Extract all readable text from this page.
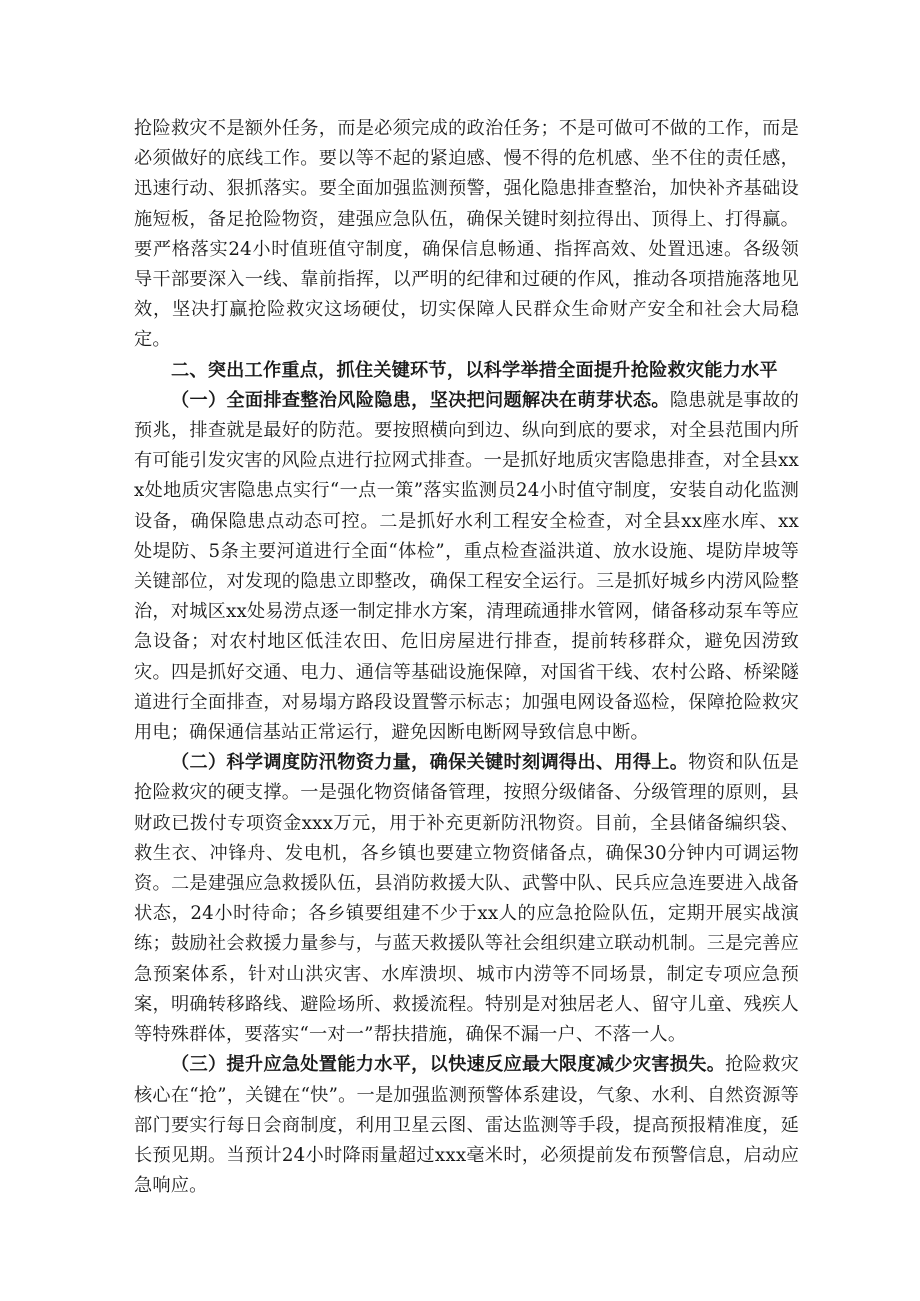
抢险救灾不是额外任务，而是必须完成的政治任务；不是可做可不做的工作，而是必须做好的底线工作。要以等不起的紧迫感、慢不得的危机感、坐不住的责任感，迅速行动、狠抓落实。要全面加强监测预警，强化隐患排查整治，加快补齐基础设施短板，备足抢险物资，建强应急队伍，确保关键时刻拉得出、顶得上、打得赢。要严格落实24小时值班值守制度，确保信息畅通、指挥高效、处置迅速。各级领导干部要深入一线、靠前指挥，以严明的纪律和过硬的作风，推动各项措施落地见效，坚决打赢抢险救灾这场硬仗，切实保障人民群众生命财产安全和社会大局稳定。

二、突出工作重点，抓住关键环节，以科学举措全面提升抢险救灾能力水平

（一）全面排查整治风险隐患，坚决把问题解决在萌芽状态。隐患就是事故的预兆，排查就是最好的防范。要按照横向到边、纵向到底的要求，对全县范围内所有可能引发灾害的风险点进行拉网式排查。一是抓好地质灾害隐患排查，对全县xxx处地质灾害隐患点实行“一点一策”落实监测员24小时值守制度，安装自动化监测设备，确保隐患点动态可控。二是抓好水利工程安全检查，对全县xx座水库、xx处堤防、5条主要河道进行全面“体检”，重点检查溢洪道、放水设施、堤防岸坡等关键部位，对发现的隐患立即整改，确保工程安全运行。三是抓好城乡内涝风险整治，对城区xx处易涝点逐一制定排水方案，清理疏通排水管网，储备移动泵车等应急设备；对农村地区低洼农田、危旧房屋进行排查，提前转移群众，避免因涝致灾。四是抓好交通、电力、通信等基础设施保障，对国省干线、农村公路、桥梁隧道进行全面排查，对易塌方路段设置警示标志；加强电网设备巡检，保障抢险救灾用电；确保通信基站正常运行，避免因断电断网导致信息中断。

（二）科学调度防汛物资力量，确保关键时刻调得出、用得上。物资和队伍是抢险救灾的硬支撑。一是强化物资储备管理，按照分级储备、分级管理的原则，县财政已拨付专项资金xxx万元，用于补充更新防汛物资。目前，全县储备编织袋、救生衣、冲锋舟、发电机，各乡镇也要建立物资储备点，确保30分钟内可调运物资。二是建强应急救援队伍，县消防救援大队、武警中队、民兵应急连要进入战备状态，24小时待命；各乡镇要组建不少于xx人的应急抢险队伍，定期开展实战演练；鼓励社会救援力量参与，与蓝天救援队等社会组织建立联动机制。三是完善应急预案体系，针对山洪灾害、水库溃坝、城市内涝等不同场景，制定专项应急预案，明确转移路线、避险场所、救援流程。特别是对独居老人、留守儿童、残疾人等特殊群体，要落实“一对一”帮扶措施，确保不漏一户、不落一人。

（三）提升应急处置能力水平，以快速反应最大限度减少灾害损失。抢险救灾核心在“抢”，关键在“快”。一是加强监测预警体系建设，气象、水利、自然资源等部门要实行每日会商制度，利用卫星云图、雷达监测等手段，提高预报精准度，延长预见期。当预计24小时降雨量超过xxx毫米时，必须提前发布预警信息，启动应急响应。
